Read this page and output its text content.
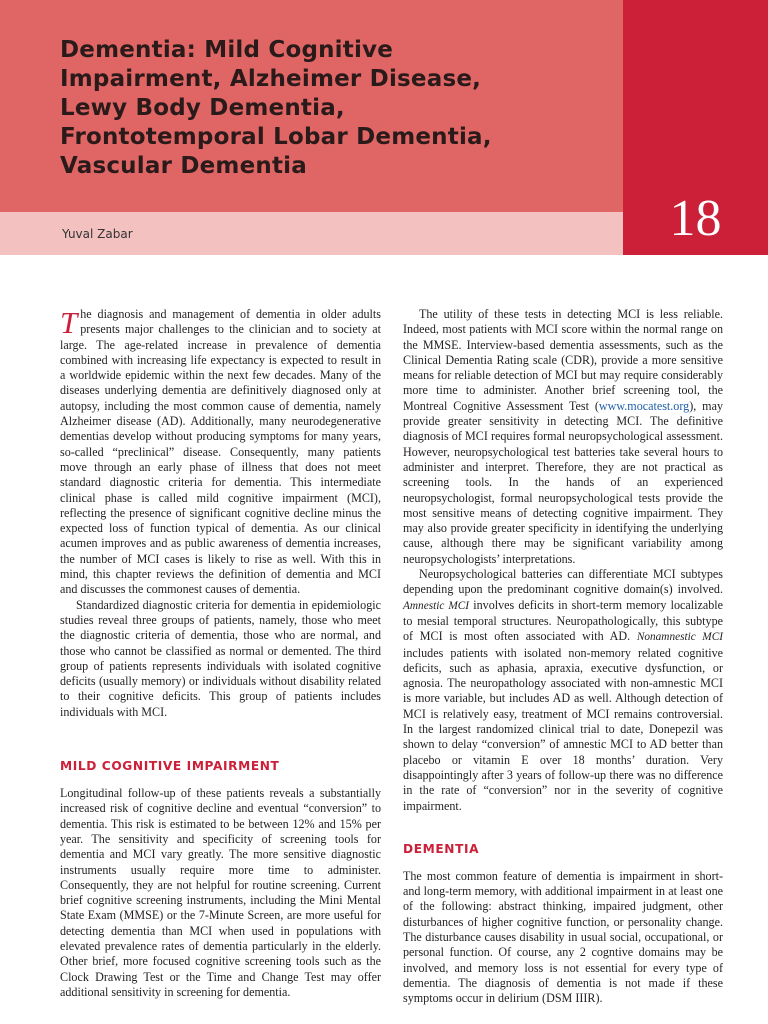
Dementia: Mild Cognitive
Impairment, Alzheimer Disease,
Lewy Body Dementia,
Frontotemporal Lobar Dementia,
Vascular Dementia
Yuval Zabar	18

The diagnosis and management of dementia in older adults presents major challenges to the clinician and to society at large. The age-related increase in prevalence of dementia combined with increasing life expectancy is expected to result in a worldwide epidemic within the next few decades. Many of the diseases underlying dementia are definitively diagnosed only at autopsy, including the most common cause of dementia, namely Alzheimer disease (AD). Additionally, many neurodegenerative dementias develop without producing symptoms for many years, so-called “preclinical” disease. Consequently, many patients move through an early phase of illness that does not meet standard diagnostic criteria for dementia. This intermediate clinical phase is called mild cognitive impairment (MCI), reflecting the presence of significant cognitive decline minus the expected loss of function typical of dementia. As our clinical acumen improves and as public awareness of dementia increases, the number of MCI cases is likely to rise as well. With this in mind, this chapter reviews the definition of dementia and MCI and discusses the commonest causes of dementia.

Standardized diagnostic criteria for dementia in epidemiologic studies reveal three groups of patients, namely, those who meet the diagnostic criteria of dementia, those who are normal, and those who cannot be classified as normal or demented. The third group of patients represents individuals with isolated cognitive deficits (usually memory) or individuals without disability related to their cognitive deficits. This group of patients includes individuals with MCI.

MILD COGNITIVE IMPAIRMENT

Longitudinal follow-up of these patients reveals a substantially increased risk of cognitive decline and eventual “conversion” to dementia. This risk is estimated to be between 12% and 15% per year. The sensitivity and specificity of screening tools for dementia and MCI vary greatly. The more sensitive diagnostic instruments usually require more time to administer. Consequently, they are not helpful for routine screening. Current brief cognitive screening instruments, including the Mini Mental State Exam (MMSE) or the 7-Minute Screen, are more useful for detecting dementia than MCI when used in populations with elevated prevalence rates of dementia particularly in the elderly. Other brief, more focused cognitive screening tools such as the Clock Drawing Test or the Time and Change Test may offer additional sensitivity in screening for dementia.

The utility of these tests in detecting MCI is less reliable. Indeed, most patients with MCI score within the normal range on the MMSE. Interview-based dementia assessments, such as the Clinical Dementia Rating scale (CDR), provide a more sensitive means for reliable detection of MCI but may require considerably more time to administer. Another brief screening tool, the Montreal Cognitive Assessment Test (www.mocatest.org), may provide greater sensitivity in detecting MCI. The definitive diagnosis of MCI requires formal neuropsychological assessment. However, neuropsychological test batteries take several hours to administer and interpret. Therefore, they are not practical as screening tools. In the hands of an experienced neuropsychologist, formal neuropsychological tests provide the most sensitive means of detecting cognitive impairment. They may also provide greater specificity in identifying the underlying cause, although there may be significant variability among neuropsychologists’ interpretations.

Neuropsychological batteries can differentiate MCI subtypes depending upon the predominant cognitive domain(s) involved. Amnestic MCI involves deficits in short-term memory localizable to mesial temporal structures. Neuropathologically, this subtype of MCI is most often associated with AD. Nonamnestic MCI includes patients with isolated non-memory related cognitive deficits, such as aphasia, apraxia, executive dysfunction, or agnosia. The neuropathology associated with non-amnestic MCI is more variable, but includes AD as well. Although detection of MCI is relatively easy, treatment of MCI remains controversial. In the largest randomized clinical trial to date, Donepezil was shown to delay “conversion” of amnestic MCI to AD better than placebo or vitamin E over 18 months’ duration. Very disappointingly after 3 years of follow-up there was no difference in the rate of “conversion” nor in the severity of cognitive impairment.

DEMENTIA

The most common feature of dementia is impairment in short- and long-term memory, with additional impairment in at least one of the following: abstract thinking, impaired judgment, other disturbances of higher cognitive function, or personality change. The disturbance causes disability in usual social, occupational, or personal function. Of course, any 2 cogntive domains may be involved, and memory loss is not essential for every type of dementia. The diagnosis of dementia is not made if these symptoms occur in delirium (DSM IIIR).
